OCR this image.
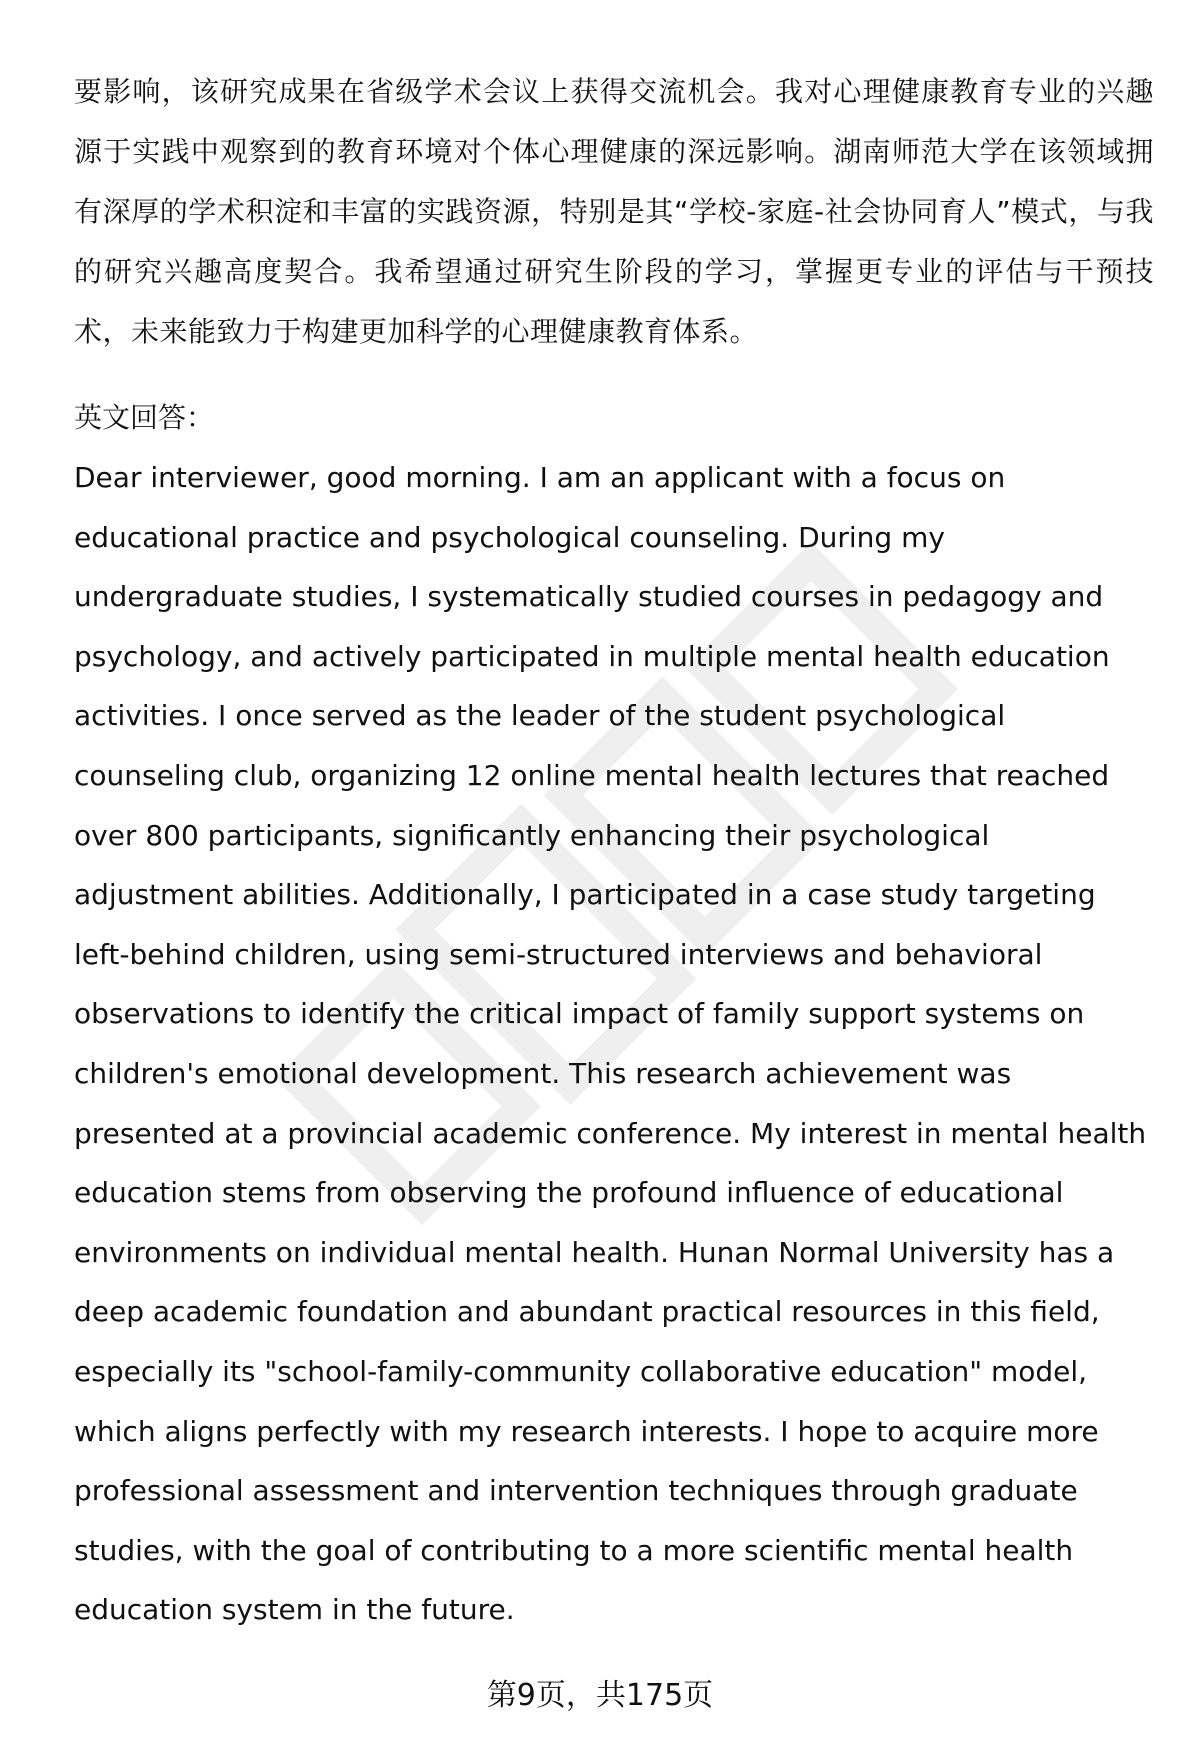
要影响，该研究成果在省级学术会议上获得交流机会。我对心理健康教育专业的兴趣源于实践中观察到的教育环境对个体心理健康的深远影响。湖南师范大学在该领域拥有深厚的学术积淀和丰富的实践资源，特别是其“学校-家庭-社会协同育人”模式，与我的研究兴趣高度契合。我希望通过研究生阶段的学习，掌握更专业的评估与干预技术，未来能致力于构建更加科学的心理健康教育体系。

英文回答：

Dear interviewer, good morning. I am an applicant with a focus on educational practice and psychological counseling. During my undergraduate studies, I systematically studied courses in pedagogy and psychology, and actively participated in multiple mental health education activities. I once served as the leader of the student psychological counseling club, organizing 12 online mental health lectures that reached over 800 participants, significantly enhancing their psychological adjustment abilities. Additionally, I participated in a case study targeting left-behind children, using semi-structured interviews and behavioral observations to identify the critical impact of family support systems on children's emotional development. This research achievement was presented at a provincial academic conference. My interest in mental health education stems from observing the profound influence of educational environments on individual mental health. Hunan Normal University has a deep academic foundation and abundant practical resources in this field, especially its "school-family-community collaborative education" model, which aligns perfectly with my research interests. I hope to acquire more professional assessment and intervention techniques through graduate studies, with the goal of contributing to a more scientific mental health education system in the future.

第9页，共175页
